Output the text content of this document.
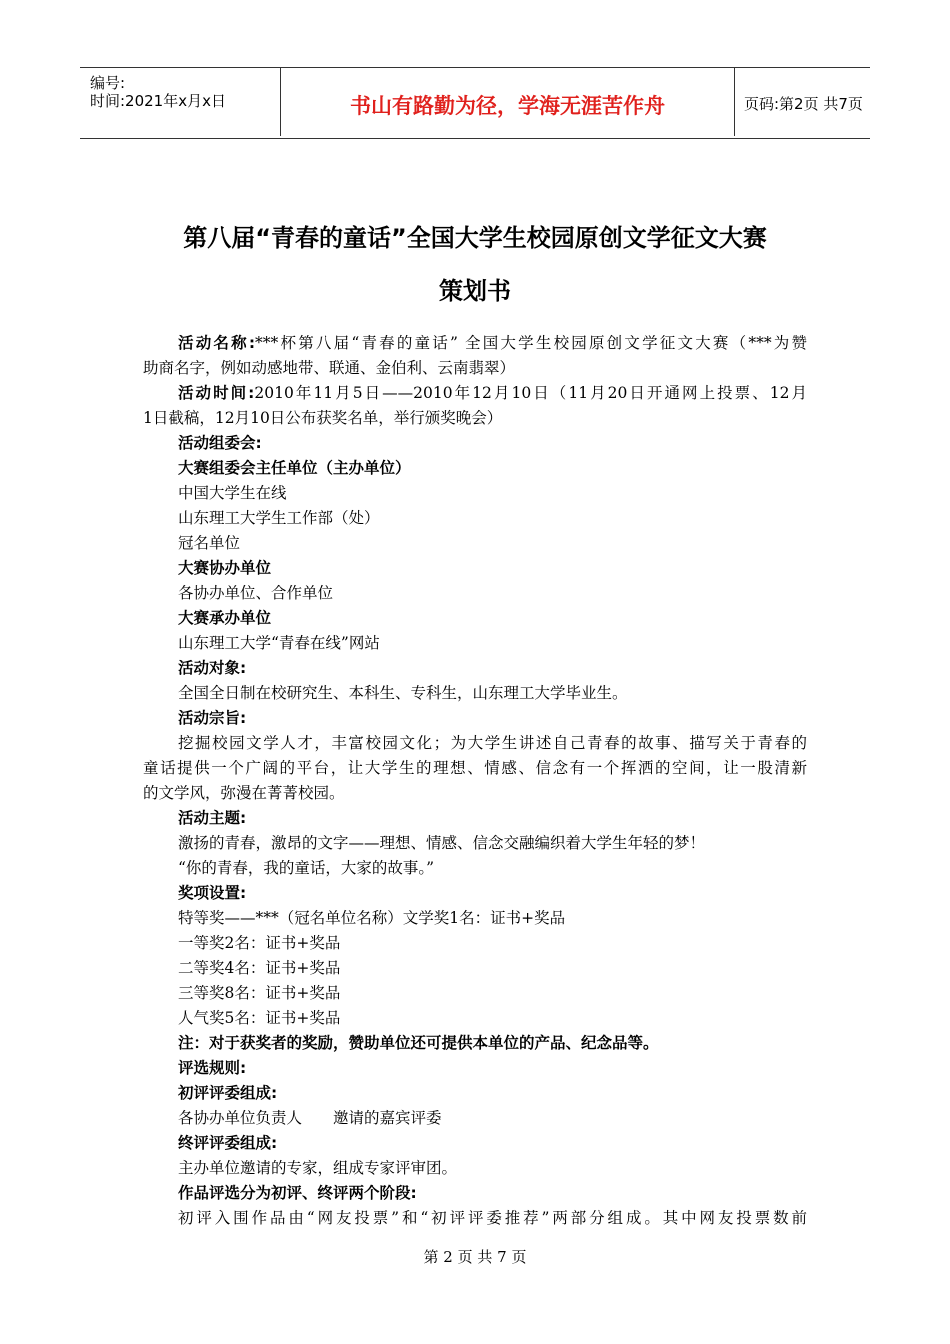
编号:
时间:2021年x月x日	书山有路勤为径，学海无涯苦作舟	页码:第2页 共7页
第八届“青春的童话”全国大学生校园原创文学征文大赛
策划书
活动名称:***杯第八届“青春的童话” 全国大学生校园原创文学征文大赛（***为赞
助商名字，例如动感地带、联通、金伯利、云南翡翠）
活动时间:2010年11月5日——2010年12月10日（11月20日开通网上投票、12月
1日截稿，12月10日公布获奖名单，举行颁奖晚会）
活动组委会:
大赛组委会主任单位（主办单位）
中国大学生在线
山东理工大学生工作部（处）
冠名单位
大赛协办单位
各协办单位、合作单位
大赛承办单位
山东理工大学“青春在线”网站
活动对象:
全国全日制在校研究生、本科生、专科生，山东理工大学毕业生。
活动宗旨:
挖掘校园文学人才，丰富校园文化；为大学生讲述自己青春的故事、描写关于青春的
童话提供一个广阔的平台，让大学生的理想、情感、信念有一个挥洒的空间，让一股清新
的文学风，弥漫在菁菁校园。
活动主题:
激扬的青春，激昂的文字——理想、情感、信念交融编织着大学生年轻的梦！
“你的青春，我的童话，大家的故事。”
奖项设置:
特等奖——***（冠名单位名称）文学奖1名：证书+奖品
一等奖2名：证书+奖品
二等奖4名：证书+奖品
三等奖8名：证书+奖品
人气奖5名：证书+奖品
注：对于获奖者的奖励，赞助单位还可提供本单位的产品、纪念品等。
评选规则:
初评评委组成:
各协办单位负责人　　邀请的嘉宾评委
终评评委组成:
主办单位邀请的专家，组成专家评审团。
作品评选分为初评、终评两个阶段:
初评入围作品由“网友投票”和“初评评委推荐”两部分组成。其中网友投票数前
第 2 页 共 7 页
